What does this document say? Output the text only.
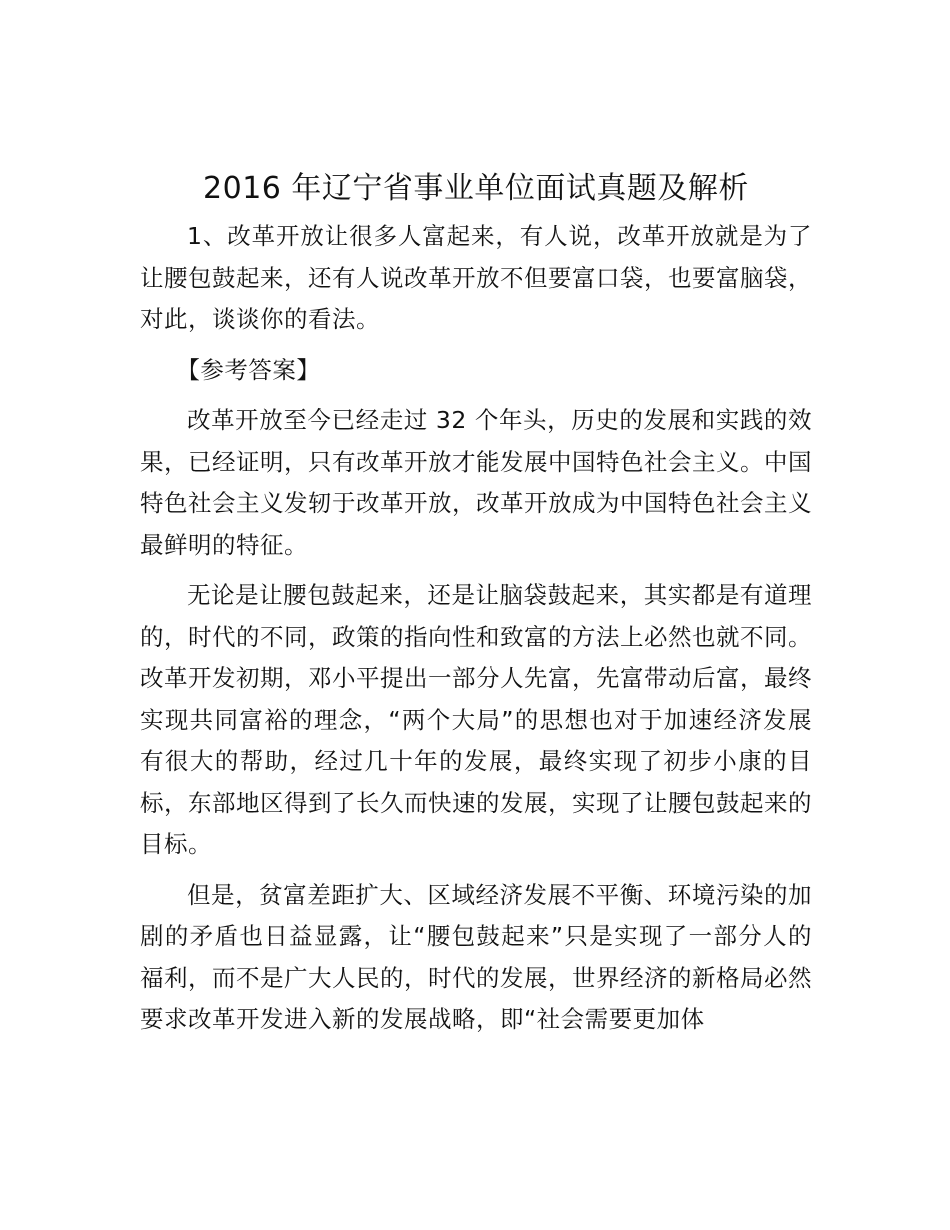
2016 年辽宁省事业单位面试真题及解析

1、改革开放让很多人富起来，有人说，改革开放就是为了让腰包鼓起来，还有人说改革开放不但要富口袋，也要富脑袋，对此，谈谈你的看法。

【参考答案】

改革开放至今已经走过 32 个年头，历史的发展和实践的效果，已经证明，只有改革开放才能发展中国特色社会主义。中国特色社会主义发轫于改革开放，改革开放成为中国特色社会主义最鲜明的特征。

无论是让腰包鼓起来，还是让脑袋鼓起来，其实都是有道理的，时代的不同，政策的指向性和致富的方法上必然也就不同。改革开发初期，邓小平提出一部分人先富，先富带动后富，最终实现共同富裕的理念，“两个大局”的思想也对于加速经济发展有很大的帮助，经过几十年的发展，最终实现了初步小康的目标，东部地区得到了长久而快速的发展，实现了让腰包鼓起来的目标。

但是，贫富差距扩大、区域经济发展不平衡、环境污染的加剧的矛盾也日益显露，让“腰包鼓起来”只是实现了一部分人的福利，而不是广大人民的，时代的发展，世界经济的新格局必然要求改革开发进入新的发展战略，即“社会需要更加体
